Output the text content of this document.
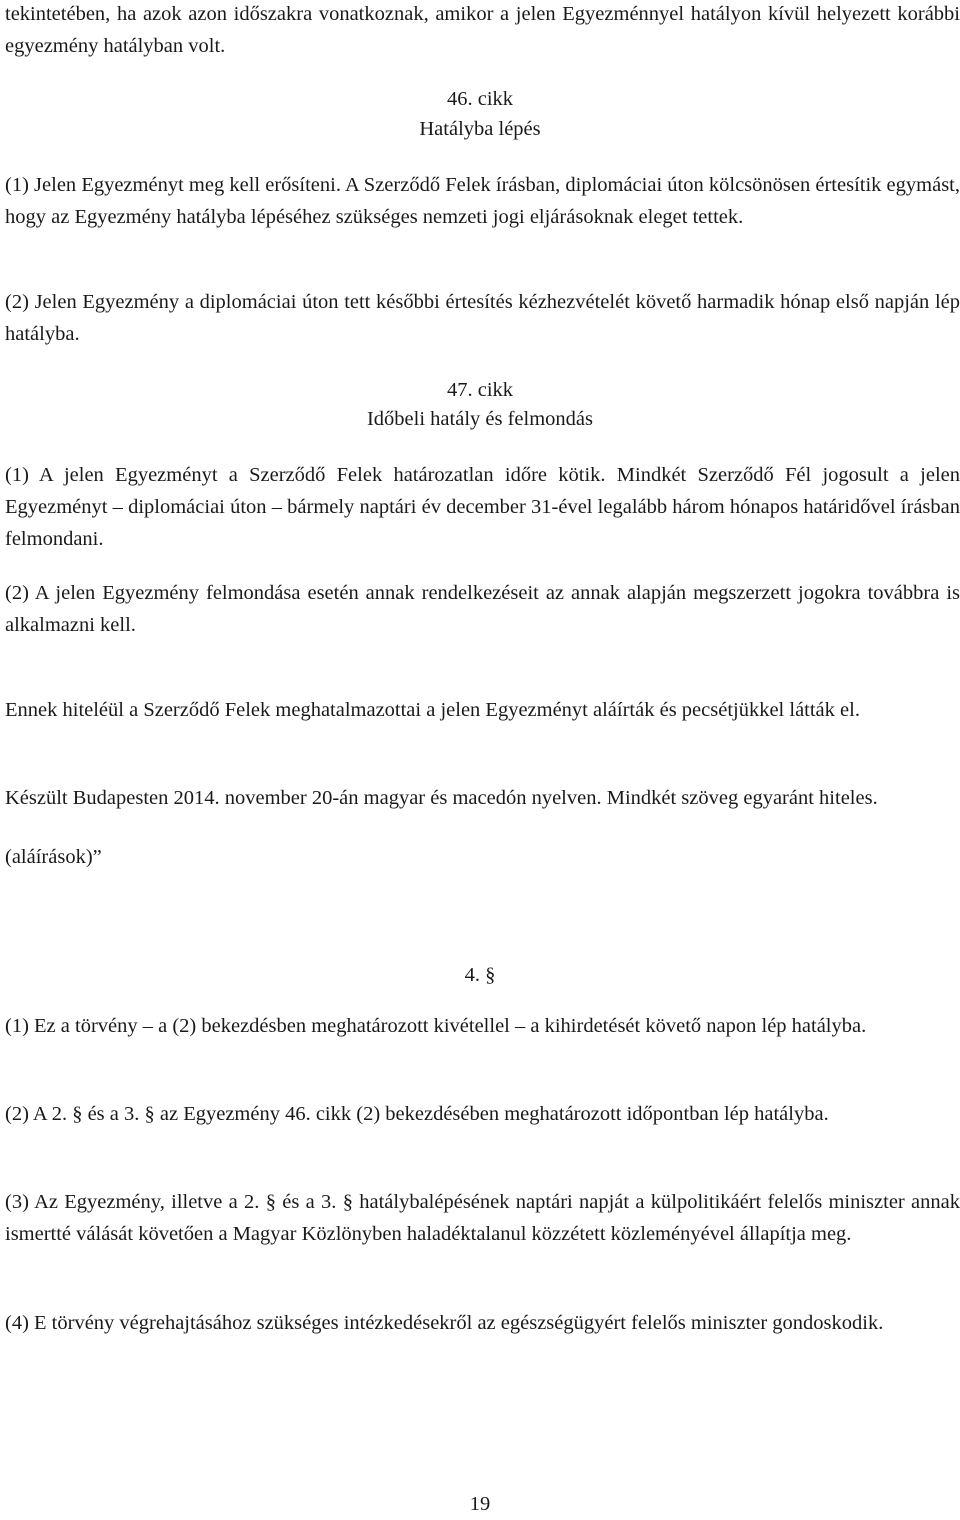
tekintetében, ha azok azon időszakra vonatkoznak, amikor a jelen Egyezménnyel hatályon kívül helyezett korábbi egyezmény hatályban volt.

46. cikk
Hatályba lépés

(1) Jelen Egyezményt meg kell erősíteni. A Szerződő Felek írásban, diplomáciai úton kölcsönösen értesítik egymást, hogy az Egyezmény hatályba lépéséhez szükséges nemzeti jogi eljárásoknak eleget tettek.

(2) Jelen Egyezmény a diplomáciai úton tett későbbi értesítés kézhezvételét követő harmadik hónap első napján lép hatályba.

47. cikk
Időbeli hatály és felmondás

(1) A jelen Egyezményt a Szerződő Felek határozatlan időre kötik. Mindkét Szerződő Fél jogosult a jelen Egyezményt – diplomáciai úton – bármely naptári év december 31-ével legalább három hónapos határidővel írásban felmondani.

(2) A jelen Egyezmény felmondása esetén annak rendelkezéseit az annak alapján megszerzett jogokra továbbra is alkalmazni kell.

Ennek hiteléül a Szerződő Felek meghatalmazottai a jelen Egyezményt aláírták és pecsétjükkel látták el.

Készült Budapesten 2014. november 20-án magyar és macedón nyelven. Mindkét szöveg egyaránt hiteles.

(aláírások)”

4. §

(1) Ez a törvény – a (2) bekezdésben meghatározott kivétellel – a kihirdetését követő napon lép hatályba.

(2) A 2. § és a 3. § az Egyezmény 46. cikk (2) bekezdésében meghatározott időpontban lép hatályba.

(3) Az Egyezmény, illetve a 2. § és a 3. § hatálybalépésének naptári napját a külpolitikáért felelős miniszter annak ismertté válását követően a Magyar Közlönyben haladéktalanul közzétett közleményével állapítja meg.

(4) E törvény végrehajtásához szükséges intézkedésekről az egészségügyért felelős miniszter gondoskodik.

19
